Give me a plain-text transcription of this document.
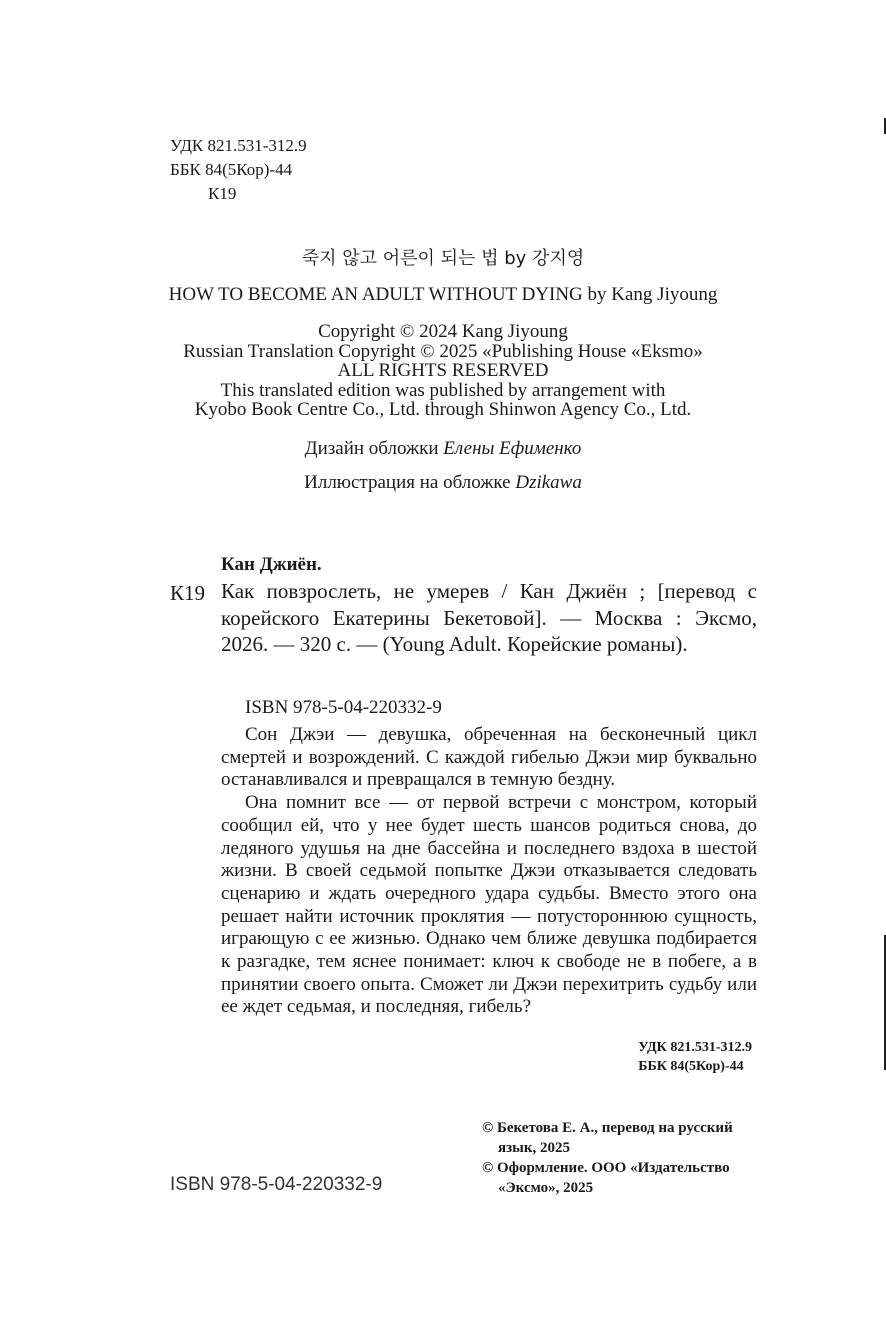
УДК 821.531-312.9
ББК 84(5Кор)-44
К19
죽지 않고 어른이 되는 법 by 강지영
HOW TO BECOME AN ADULT WITHOUT DYING by Kang Jiyoung
Copyright © 2024 Kang Jiyoung
Russian Translation Copyright © 2025 «Publishing House «Eksmo»
ALL RIGHTS RESERVED
This translated edition was published by arrangement with
Kyobo Book Centre Co., Ltd. through Shinwon Agency Co., Ltd.
Дизайн обложки Елены Ефименко
Иллюстрация на обложке Dzikawa
Кан Джиён.
К19 Как повзрослеть, не умерев / Кан Джиён ; [перевод с корейского Екатерины Бекетовой]. — Москва : Эксмо, 2026. — 320 с. — (Young Adult. Корейские романы).
ISBN 978-5-04-220332-9

Сон Джэи — девушка, обреченная на бесконечный цикл смертей и возрождений. С каждой гибелью Джэи мир буквально останавливался и превращался в темную бездну.

Она помнит все — от первой встречи с монстром, который сообщил ей, что у нее будет шесть шансов родиться снова, до ледяного удушья на дне бассейна и последнего вздоха в шестой жизни. В своей седьмой попытке Джэи отказывается следовать сценарию и ждать очередного удара судьбы. Вместо этого она решает найти источник проклятия — потустороннюю сущность, играющую с ее жизнью. Однако чем ближе девушка подбирается к разгадке, тем яснее понимает: ключ к свободе не в побеге, а в принятии своего опыта. Сможет ли Джэи перехитрить судьбу или ее ждет седьмая, и последняя, гибель?

УДК 821.531-312.9
ББК 84(5Кор)-44
© Бекетова Е. А., перевод на русский язык, 2025
© Оформление. ООО «Издательство «Эксмо», 2025
ISBN 978-5-04-220332-9
